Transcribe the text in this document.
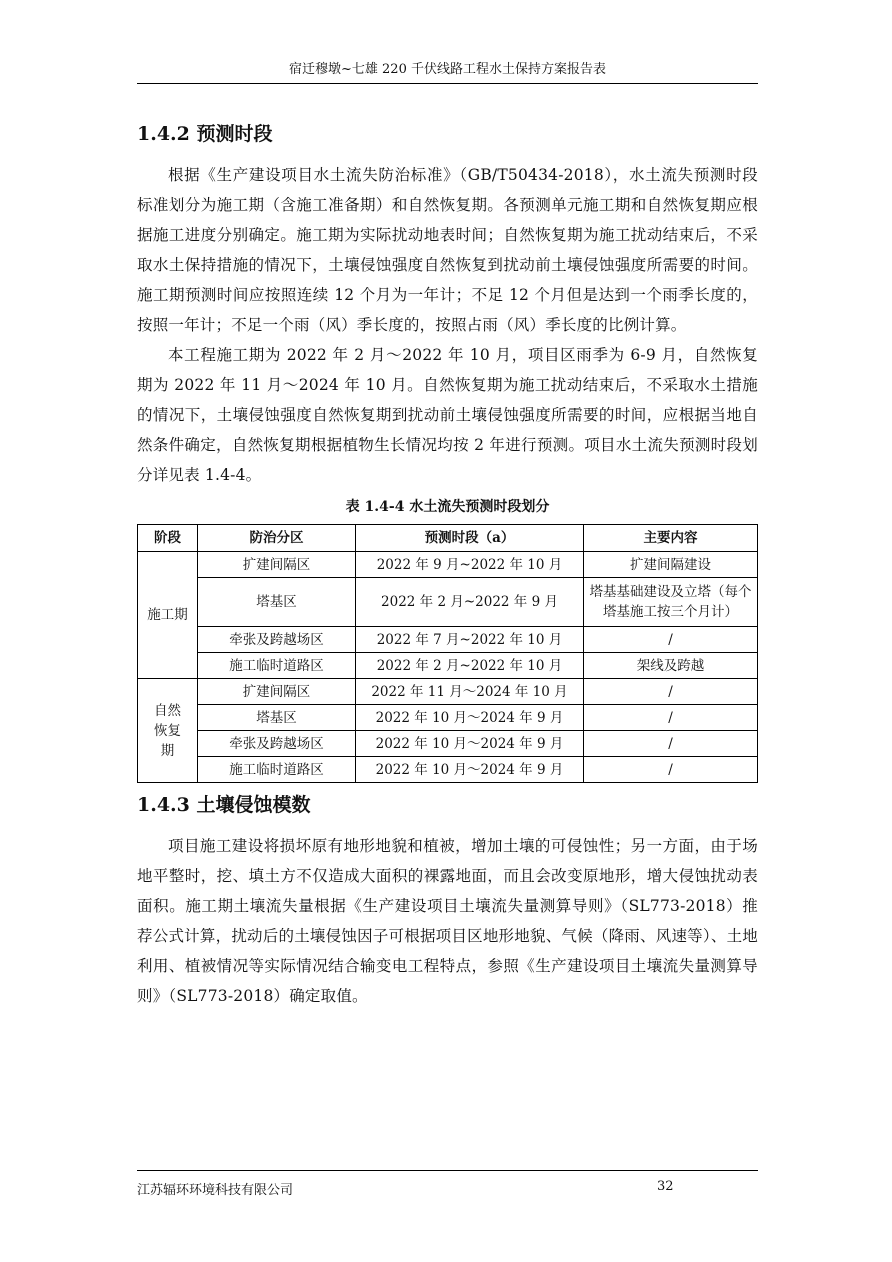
宿迁穆墩~七雄 220 千伏线路工程水土保持方案报告表
1.4.2 预测时段

根据《生产建设项目水土流失防治标准》（GB/T50434-2018），水土流失预测时段标准划分为施工期（含施工准备期）和自然恢复期。各预测单元施工期和自然恢复期应根据施工进度分别确定。施工期为实际扰动地表时间；自然恢复期为施工扰动结束后，不采取水土保持措施的情况下，土壤侵蚀强度自然恢复到扰动前土壤侵蚀强度所需要的时间。施工期预测时间应按照连续 12 个月为一年计；不足 12 个月但是达到一个雨季长度的，按照一年计；不足一个雨（风）季长度的，按照占雨（风）季长度的比例计算。

本工程施工期为 2022 年 2 月～2022 年 10 月，项目区雨季为 6-9 月，自然恢复期为 2022 年 11 月～2024 年 10 月。自然恢复期为施工扰动结束后，不采取水土措施的情况下，土壤侵蚀强度自然恢复期到扰动前土壤侵蚀强度所需要的时间，应根据当地自然条件确定，自然恢复期根据植物生长情况均按 2 年进行预测。项目水土流失预测时段划分详见表 1.4-4。

表 1.4-4 水土流失预测时段划分
阶段	防治分区	预测时段（a）	主要内容
施工期	扩建间隔区	2022 年 9 月~2022 年 10 月	扩建间隔建设
	塔基区	2022 年 2 月~2022 年 9 月	塔基基础建设及立塔（每个塔基施工按三个月计）
	牵张及跨越场区	2022 年 7 月~2022 年 10 月	/
	施工临时道路区	2022 年 2 月~2022 年 10 月	架线及跨越
自然恢复期	扩建间隔区	2022 年 11 月～2024 年 10 月	/
	塔基区	2022 年 10 月～2024 年 9 月	/
	牵张及跨越场区	2022 年 10 月～2024 年 9 月	/
	施工临时道路区	2022 年 10 月～2024 年 9 月	/
1.4.3 土壤侵蚀模数

项目施工建设将损坏原有地形地貌和植被，增加土壤的可侵蚀性；另一方面，由于场地平整时，挖、填土方不仅造成大面积的裸露地面，而且会改变原地形，增大侵蚀扰动表面积。施工期土壤流失量根据《生产建设项目土壤流失量测算导则》（SL773-2018）推荐公式计算，扰动后的土壤侵蚀因子可根据项目区地形地貌、气候（降雨、风速等）、土地利用、植被情况等实际情况结合输变电工程特点，参照《生产建设项目土壤流失量测算导则》（SL773-2018）确定取值。

江苏辐环环境科技有限公司	32
